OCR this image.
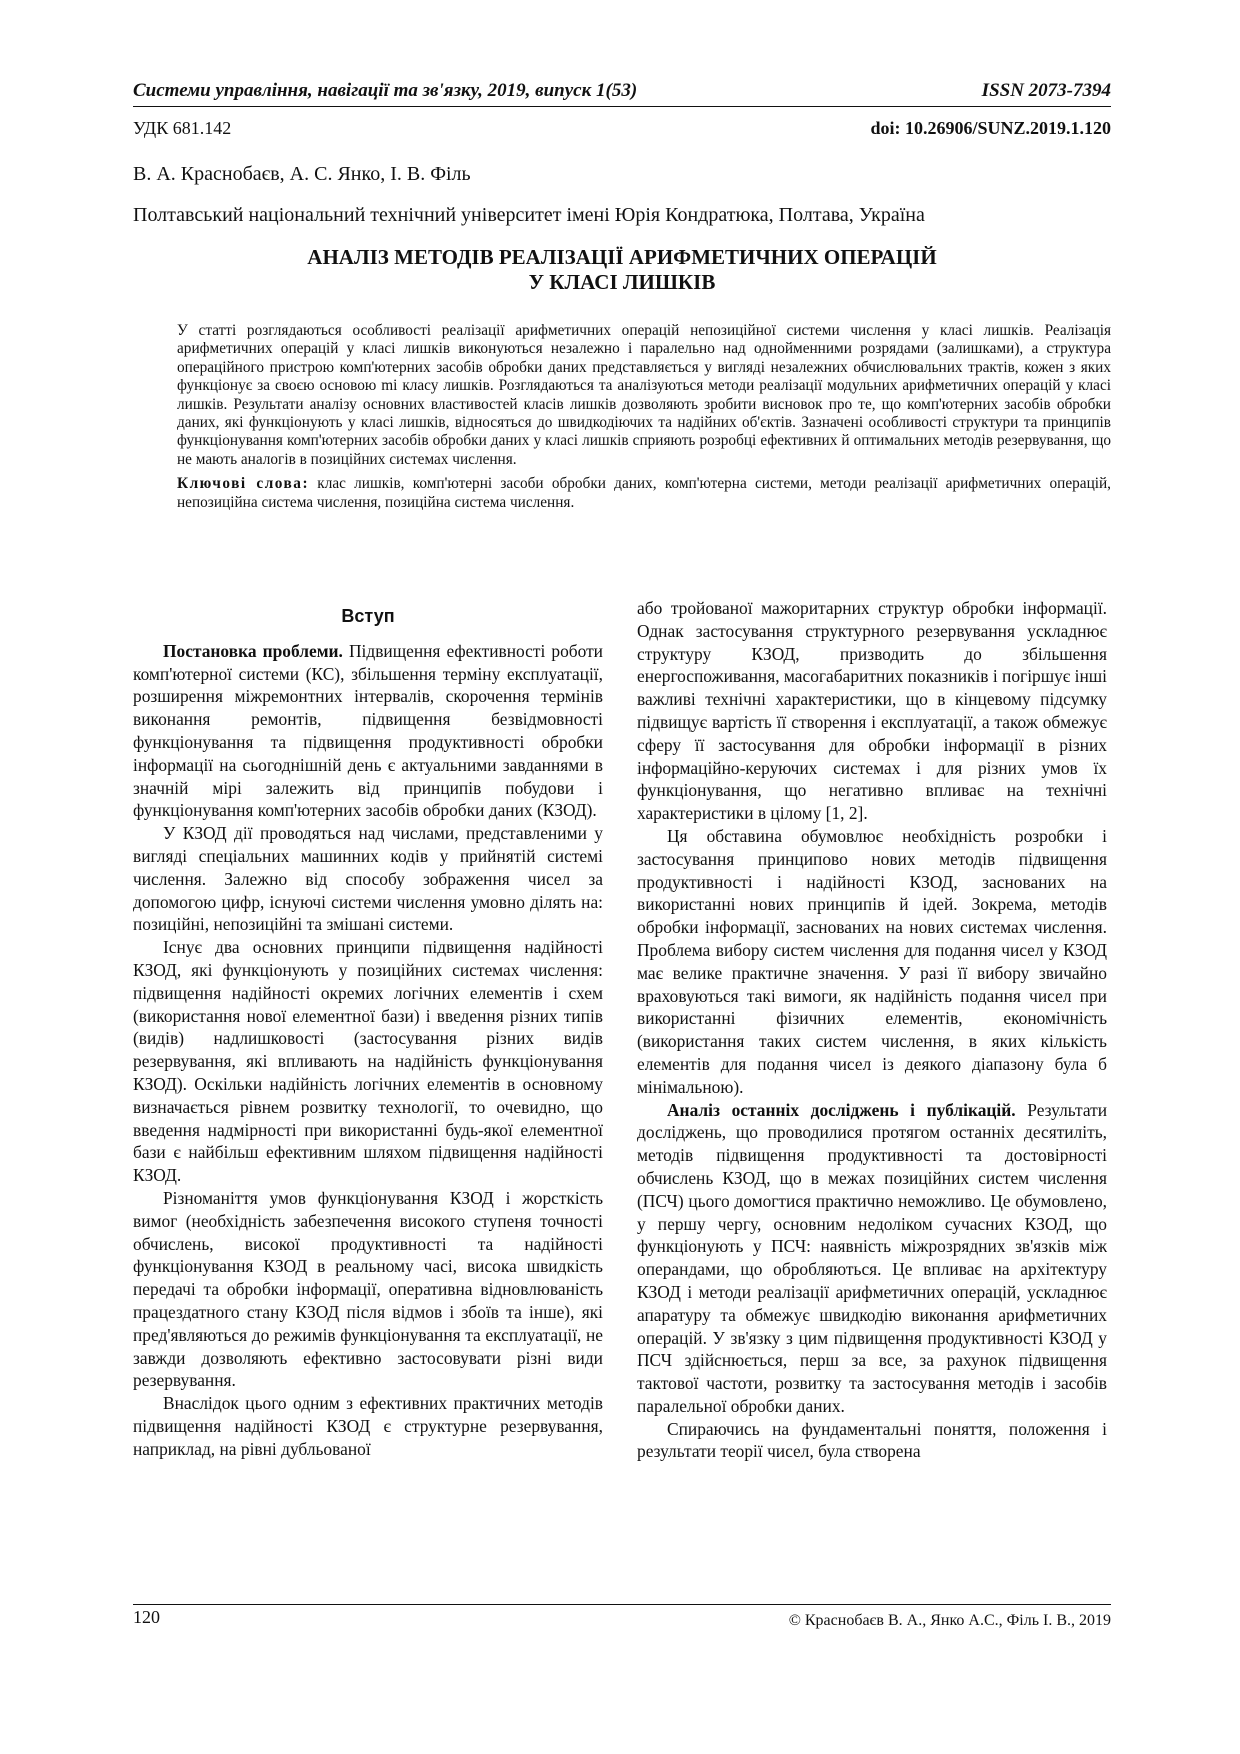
Системи управління, навігації та зв'язку, 2019, випуск 1(53)	ISSN 2073-7394
УДК 681.142	doi: 10.26906/SUNZ.2019.1.120
В. А. Краснобаєв, А. С. Янко, І. В. Філь
Полтавський національний технічний університет імені Юрія Кондратюка, Полтава, Україна
АНАЛІЗ МЕТОДІВ РЕАЛІЗАЦІЇ АРИФМЕТИЧНИХ ОПЕРАЦІЙ
У КЛАСІ ЛИШКІВ

У статті розглядаються особливості реалізації арифметичних операцій непозиційної системи числення у класі лишків. Реалізація арифметичних операцій у класі лишків виконуються незалежно і паралельно над однойменними розрядами (залишками), а структура операційного пристрою комп'ютерних засобів обробки даних представляється у вигляді незалежних обчислювальних трактів, кожен з яких функціонує за своєю основою mi класу лишків. Розглядаються та аналізуються методи реалізації модульних арифметичних операцій у класі лишків. Результати аналізу основних властивостей класів лишків дозволяють зробити висновок про те, що комп'ютерних засобів обробки даних, які функціонують у класі лишків, відносяться до швидкодіючих та надійних об'єктів. Зазначені особливості структури та принципів функціонування комп'ютерних засобів обробки даних у класі лишків сприяють розробці ефективних й оптимальних методів резервування, що не мають аналогів в позиційних системах числення.

Ключові слова: клас лишків, комп'ютерні засоби обробки даних, комп'ютерна системи, методи реалізації арифметичних операцій, непозиційна система числення, позиційна система числення.

Вступ

Постановка проблеми. Підвищення ефективності роботи комп'ютерної системи (КС), збільшення терміну експлуатації, розширення міжремонтних інтервалів, скорочення термінів виконання ремонтів, підвищення безвідмовності функціонування та підвищення продуктивності обробки інформації на сьогоднішній день є актуальними завданнями в значній мірі залежить від принципів побудови і функціонування комп'ютерних засобів обробки даних (КЗОД).

У КЗОД дії проводяться над числами, представленими у вигляді спеціальних машинних кодів у прийнятій системі числення. Залежно від способу зображення чисел за допомогою цифр, існуючі системи числення умовно ділять на: позиційні, непозиційні та змішані системи.

Існує два основних принципи підвищення надійності КЗОД, які функціонують у позиційних системах числення: підвищення надійності окремих логічних елементів і схем (використання нової елементної бази) і введення різних типів (видів) надлишковості (застосування різних видів резервування, які впливають на надійність функціонування КЗОД). Оскільки надійність логічних елементів в основному визначається рівнем розвитку технології, то очевидно, що введення надмірності при використанні будь-якої елементної бази є найбільш ефективним шляхом підвищення надійності КЗОД.

Різноманіття умов функціонування КЗОД і жорсткість вимог (необхідність забезпечення високого ступеня точності обчислень, високої продуктивності та надійності функціонування КЗОД в реальному часі, висока швидкість передачі та обробки інформації, оперативна відновлюваність працездатного стану КЗОД після відмов і збоїв та інше), які пред'являються до режимів функціонування та експлуатації, не завжди дозволяють ефективно застосовувати різні види резервування.

Внаслідок цього одним з ефективних практичних методів підвищення надійності КЗОД є структурне резервування, наприклад, на рівні дубльованої

або тройованої мажоритарних структур обробки інформації. Однак застосування структурного резервування ускладнює структуру КЗОД, призводить до збільшення енергоспоживання, масогабаритних показників і погіршує інші важливі технічні характеристики, що в кінцевому підсумку підвищує вартість її створення і експлуатації, а також обмежує сферу її застосування для обробки інформації в різних інформаційно-керуючих системах і для різних умов їх функціонування, що негативно впливає на технічні характеристики в цілому [1, 2].

Ця обставина обумовлює необхідність розробки і застосування принципово нових методів підвищення продуктивності і надійності КЗОД, заснованих на використанні нових принципів й ідей. Зокрема, методів обробки інформації, заснованих на нових системах числення. Проблема вибору систем числення для подання чисел у КЗОД має велике практичне значення. У разі її вибору звичайно враховуються такі вимоги, як надійність подання чисел при використанні фізичних елементів, економічність (використання таких систем числення, в яких кількість елементів для подання чисел із деякого діапазону була б мінімальною).

Аналіз останніх досліджень і публікацій. Результати досліджень, що проводилися протягом останніх десятиліть, методів підвищення продуктивності та достовірності обчислень КЗОД, що в межах позиційних систем числення (ПСЧ) цього домогтися практично неможливо. Це обумовлено, у першу чергу, основним недоліком сучасних КЗОД, що функціонують у ПСЧ: наявність міжрозрядних зв'язків між операндами, що обробляються. Це впливає на архітектуру КЗОД і методи реалізації арифметичних операцій, ускладнює апаратуру та обмежує швидкодію виконання арифметичних операцій. У зв'язку з цим підвищення продуктивності КЗОД у ПСЧ здійснюється, перш за все, за рахунок підвищення тактової частоти, розвитку та застосування методів і засобів паралельної обробки даних.

Спираючись на фундаментальні поняття, положення і результати теорії чисел, була створена

120	© Краснобаєв В. А., Янко А.С., Філь І. В., 2019
